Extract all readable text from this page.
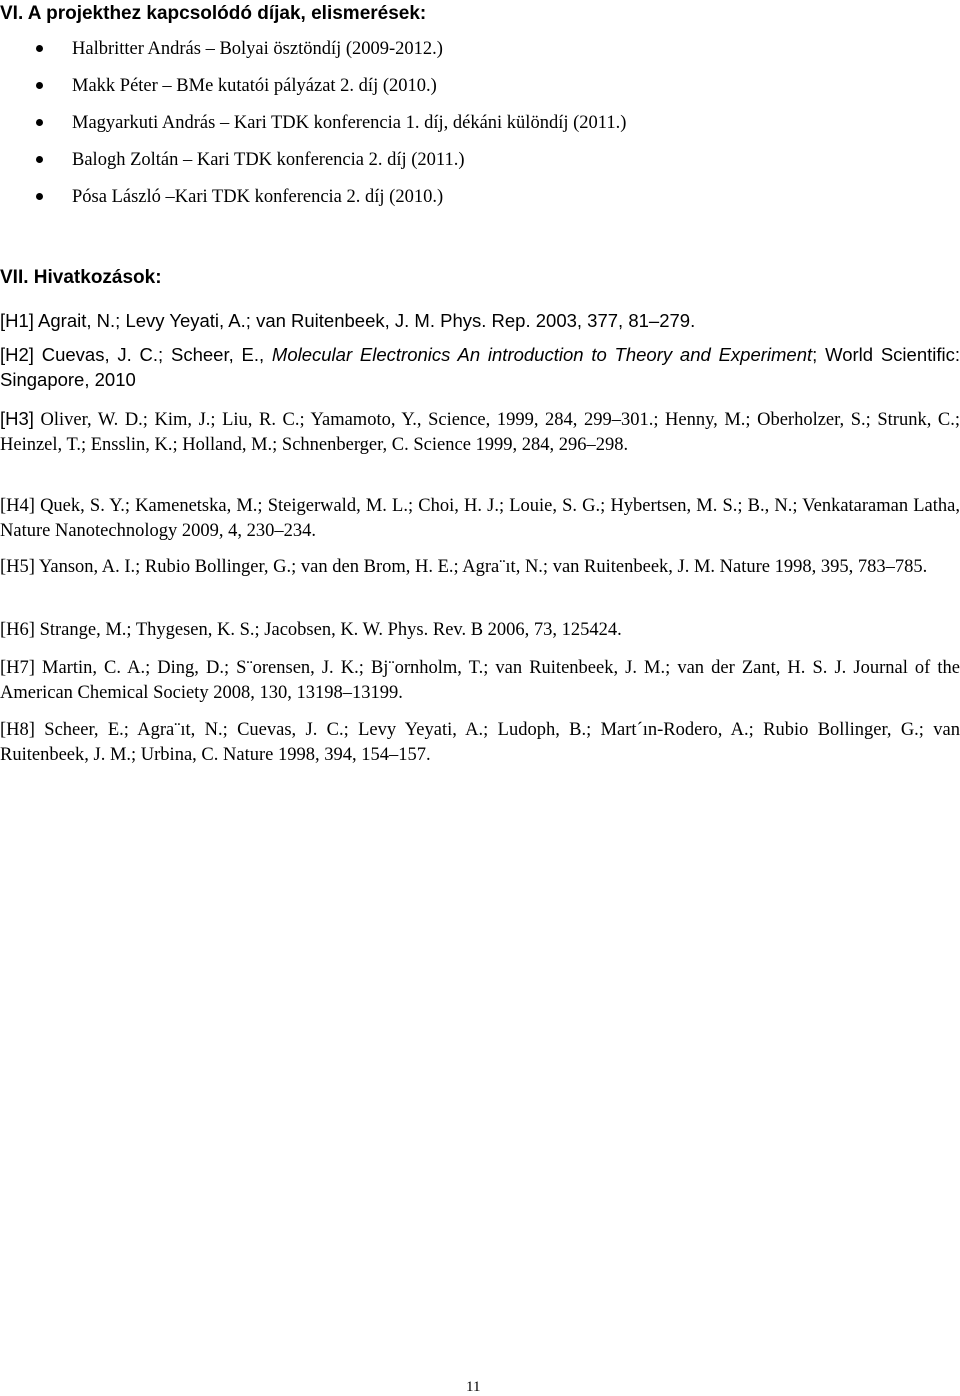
VI. A projekthez kapcsolódó díjak, elismerések:
Halbritter András – Bolyai ösztöndíj (2009-2012.)
Makk Péter – BMe kutatói pályázat 2. díj (2010.)
Magyarkuti András – Kari TDK konferencia 1. díj, dékáni különdíj (2011.)
Balogh Zoltán – Kari TDK konferencia 2. díj (2011.)
Pósa László –Kari TDK konferencia 2. díj (2010.)
VII. Hivatkozások:

[H1] Agrait, N.; Levy Yeyati, A.; van Ruitenbeek, J. M. Phys. Rep. 2003, 377, 81–279.

[H2] Cuevas, J. C.; Scheer, E., Molecular Electronics An introduction to Theory and Experiment; World Scientific: Singapore, 2010

[H3] Oliver, W. D.; Kim, J.; Liu, R. C.; Yamamoto, Y., Science, 1999, 284, 299–301.; Henny, M.; Oberholzer, S.; Strunk, C.; Heinzel, T.; Ensslin, K.; Holland, M.; Schnenberger, C. Science 1999, 284, 296–298.

[H4] Quek, S. Y.; Kamenetska, M.; Steigerwald, M. L.; Choi, H. J.; Louie, S. G.; Hybertsen, M. S.; B., N.; Venkataraman Latha, Nature Nanotechnology 2009, 4, 230–234.

[H5] Yanson, A. I.; Rubio Bollinger, G.; van den Brom, H. E.; Agra¨ıt, N.; van Ruitenbeek, J. M. Nature 1998, 395, 783–785.

[H6] Strange, M.; Thygesen, K. S.; Jacobsen, K. W. Phys. Rev. B 2006, 73, 125424.

[H7] Martin, C. A.; Ding, D.; S¨orensen, J. K.; Bj¨ornholm, T.; van Ruitenbeek, J. M.; van der Zant, H. S. J. Journal of the American Chemical Society 2008, 130, 13198–13199.

[H8] Scheer, E.; Agra¨ıt, N.; Cuevas, J. C.; Levy Yeyati, A.; Ludoph, B.; Mart´ın-Rodero, A.; Rubio Bollinger, G.; van Ruitenbeek, J. M.; Urbina, C. Nature 1998, 394, 154–157.

11
